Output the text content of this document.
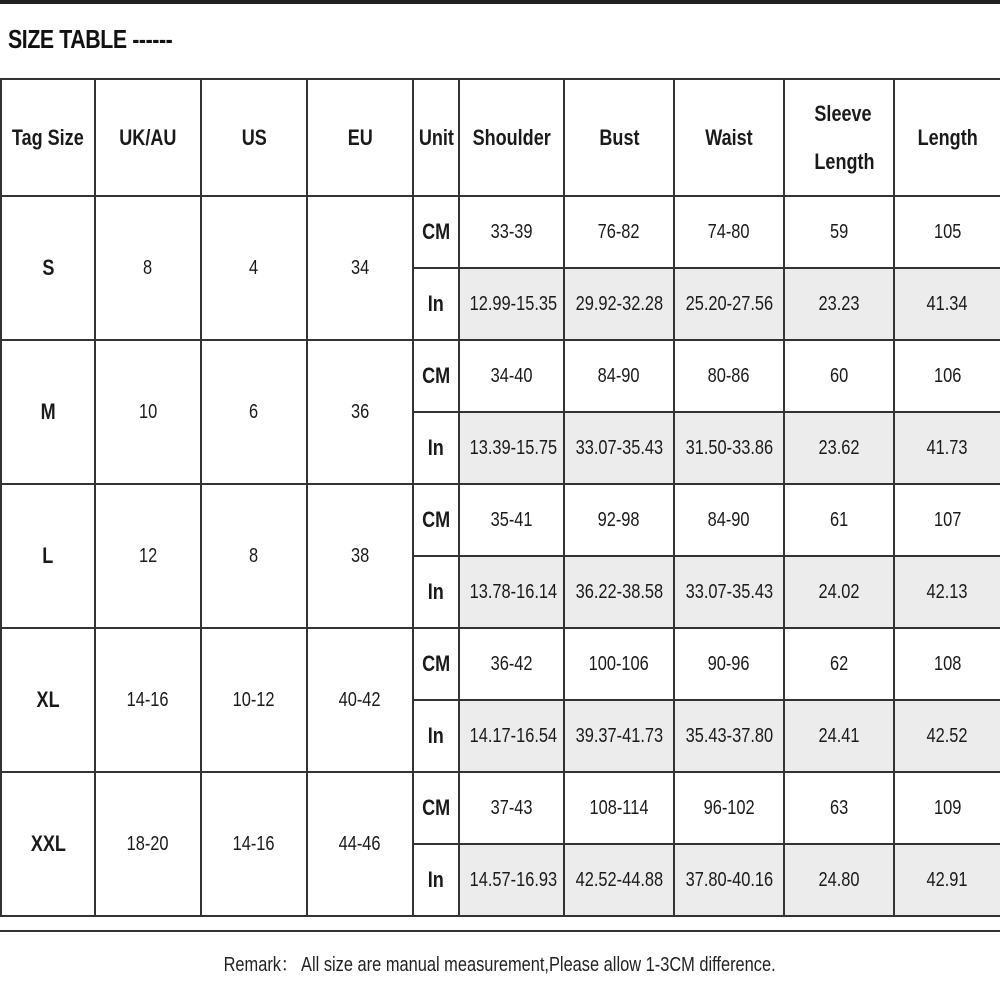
SIZE TABLE ------
Tag Size	UK/AU	US	EU	Unit	Shoulder	Bust	Waist	Sleeve Length	Length
S	8	4	34	CM	33-39	76-82	74-80	59	105
				In	12.99-15.35	29.92-32.28	25.20-27.56	23.23	41.34
M	10	6	36	CM	34-40	84-90	80-86	60	106
				In	13.39-15.75	33.07-35.43	31.50-33.86	23.62	41.73
L	12	8	38	CM	35-41	92-98	84-90	61	107
				In	13.78-16.14	36.22-38.58	33.07-35.43	24.02	42.13
XL	14-16	10-12	40-42	CM	36-42	100-106	90-96	62	108
				In	14.17-16.54	39.37-41.73	35.43-37.80	24.41	42.52
XXL	18-20	14-16	44-46	CM	37-43	108-114	96-102	63	109
				In	14.57-16.93	42.52-44.88	37.80-40.16	24.80	42.91
Remark： All size are manual measurement,Please allow 1-3CM difference.
